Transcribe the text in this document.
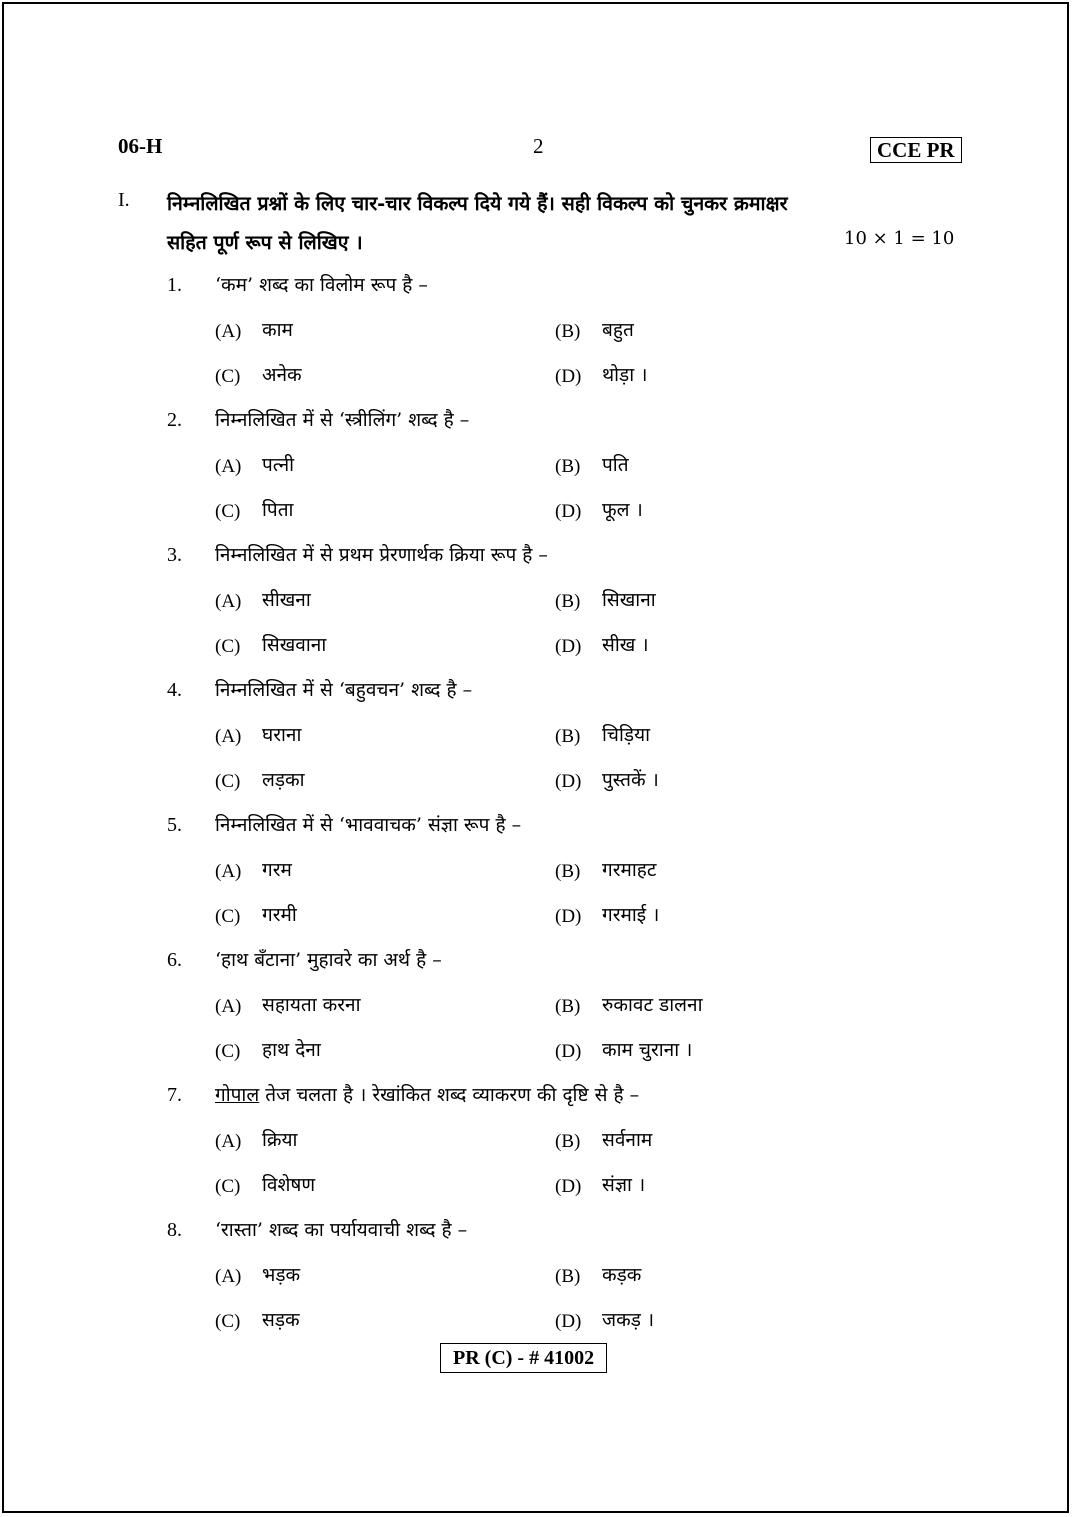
06-H	2	CCE PR
I. निम्नलिखित प्रश्नों के लिए चार-चार विकल्प दिये गये हैं। सही विकल्प को चुनकर क्रमाक्षर
सहित पूर्ण रूप से लिखिए ।	10 × 1 = 10
1. ‘कम’ शब्द का विलोम रूप है –
(A) काम	(B) बहुत
(C) अनेक	(D) थोड़ा ।
2. निम्नलिखित में से ‘स्त्रीलिंग’ शब्द है –
(A) पत्नी	(B) पति
(C) पिता	(D) फूल ।
3. निम्नलिखित में से प्रथम प्रेरणार्थक क्रिया रूप है –
(A) सीखना	(B) सिखाना
(C) सिखवाना	(D) सीख ।
4. निम्नलिखित में से ‘बहुवचन’ शब्द है –
(A) घराना	(B) चिड़िया
(C) लड़का	(D) पुस्तकें ।
5. निम्नलिखित में से ‘भाववाचक’ संज्ञा रूप है –
(A) गरम	(B) गरमाहट
(C) गरमी	(D) गरमाई ।
6. ‘हाथ बँटाना’ मुहावरे का अर्थ है –
(A) सहायता करना	(B) रुकावट डालना
(C) हाथ देना	(D) काम चुराना ।
7. गोपाल तेज चलता है । रेखांकित शब्द व्याकरण की दृष्टि से है –
(A) क्रिया	(B) सर्वनाम
(C) विशेषण	(D) संज्ञा ।
8. ‘रास्ता’ शब्द का पर्यायवाची शब्द है –
(A) भड़क	(B) कड़क
(C) सड़क	(D) जकड़ ।
PR (C) - # 41002
